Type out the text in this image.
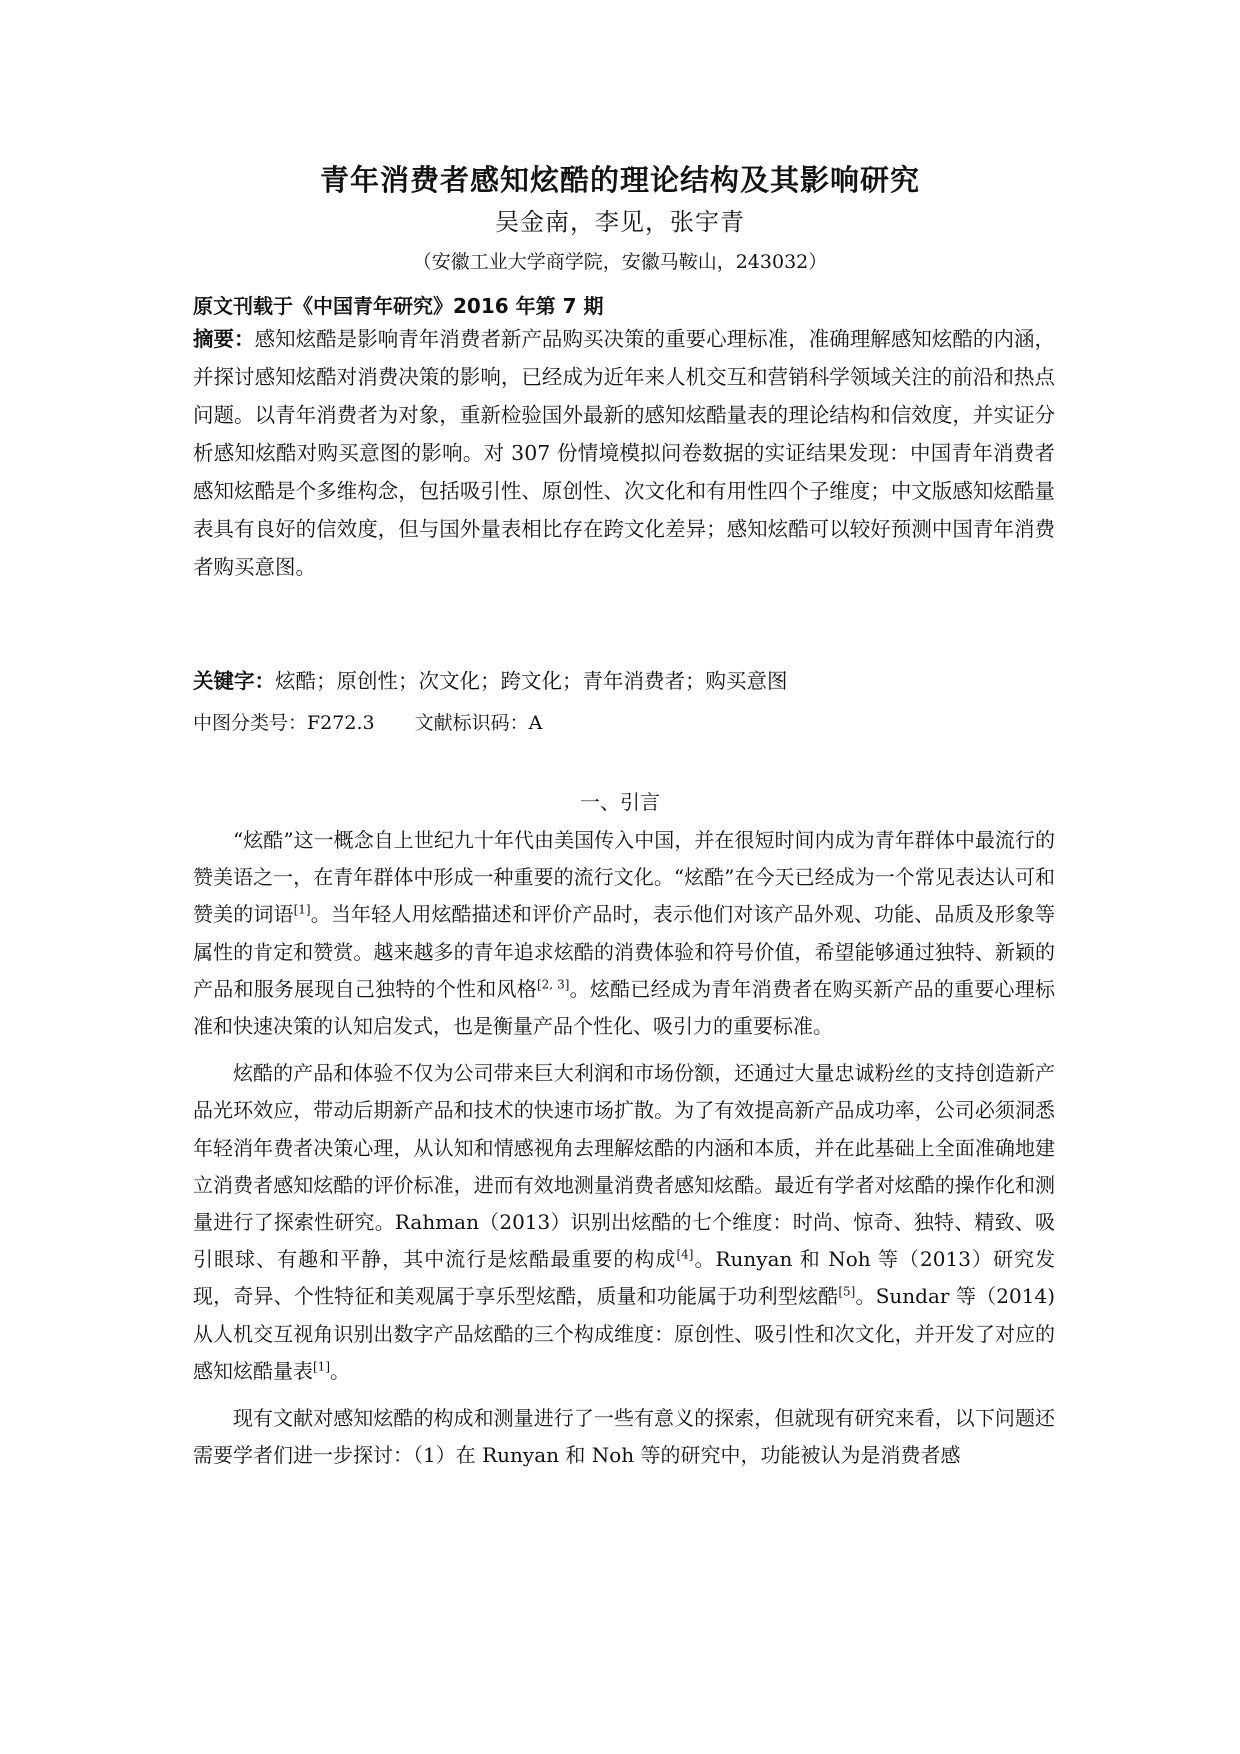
青年消费者感知炫酷的理论结构及其影响研究
吴金南，李见，张宇青
（安徽工业大学商学院，安徽马鞍山，243032）
原文刊载于《中国青年研究》2016 年第 7 期
摘要：感知炫酷是影响青年消费者新产品购买决策的重要心理标准，准确理解感知炫酷的内涵，并探讨感知炫酷对消费决策的影响，已经成为近年来人机交互和营销科学领域关注的前沿和热点问题。以青年消费者为对象，重新检验国外最新的感知炫酷量表的理论结构和信效度，并实证分析感知炫酷对购买意图的影响。对 307 份情境模拟问卷数据的实证结果发现：中国青年消费者感知炫酷是个多维构念，包括吸引性、原创性、次文化和有用性四个子维度；中文版感知炫酷量表具有良好的信效度，但与国外量表相比存在跨文化差异；感知炫酷可以较好预测中国青年消费者购买意图。
关键字：炫酷；原创性；次文化；跨文化；青年消费者；购买意图
中图分类号：F272.3 文献标识码：A
一、引言

“炫酷”这一概念自上世纪九十年代由美国传入中国，并在很短时间内成为青年群体中最流行的赞美语之一，在青年群体中形成一种重要的流行文化。“炫酷”在今天已经成为一个常见表达认可和赞美的词语[1]。当年轻人用炫酷描述和评价产品时，表示他们对该产品外观、功能、品质及形象等属性的肯定和赞赏。越来越多的青年追求炫酷的消费体验和符号价值，希望能够通过独特、新颖的产品和服务展现自己独特的个性和风格[2, 3]。炫酷已经成为青年消费者在购买新产品的重要心理标准和快速决策的认知启发式，也是衡量产品个性化、吸引力的重要标准。

炫酷的产品和体验不仅为公司带来巨大利润和市场份额，还通过大量忠诚粉丝的支持创造新产品光环效应，带动后期新产品和技术的快速市场扩散。为了有效提高新产品成功率，公司必须洞悉年轻消年费者决策心理，从认知和情感视角去理解炫酷的内涵和本质，并在此基础上全面准确地建立消费者感知炫酷的评价标准，进而有效地测量消费者感知炫酷。最近有学者对炫酷的操作化和测量进行了探索性研究。Rahman（2013）识别出炫酷的七个维度：时尚、惊奇、独特、精致、吸引眼球、有趣和平静，其中流行是炫酷最重要的构成[4]。Runyan 和 Noh 等（2013）研究发现，奇异、个性特征和美观属于享乐型炫酷，质量和功能属于功利型炫酷[5]。Sundar 等（2014)从人机交互视角识别出数字产品炫酷的三个构成维度：原创性、吸引性和次文化，并开发了对应的感知炫酷量表[1]。

现有文献对感知炫酷的构成和测量进行了一些有意义的探索，但就现有研究来看，以下问题还需要学者们进一步探讨：（1）在 Runyan 和 Noh 等的研究中，功能被认为是消费者感
